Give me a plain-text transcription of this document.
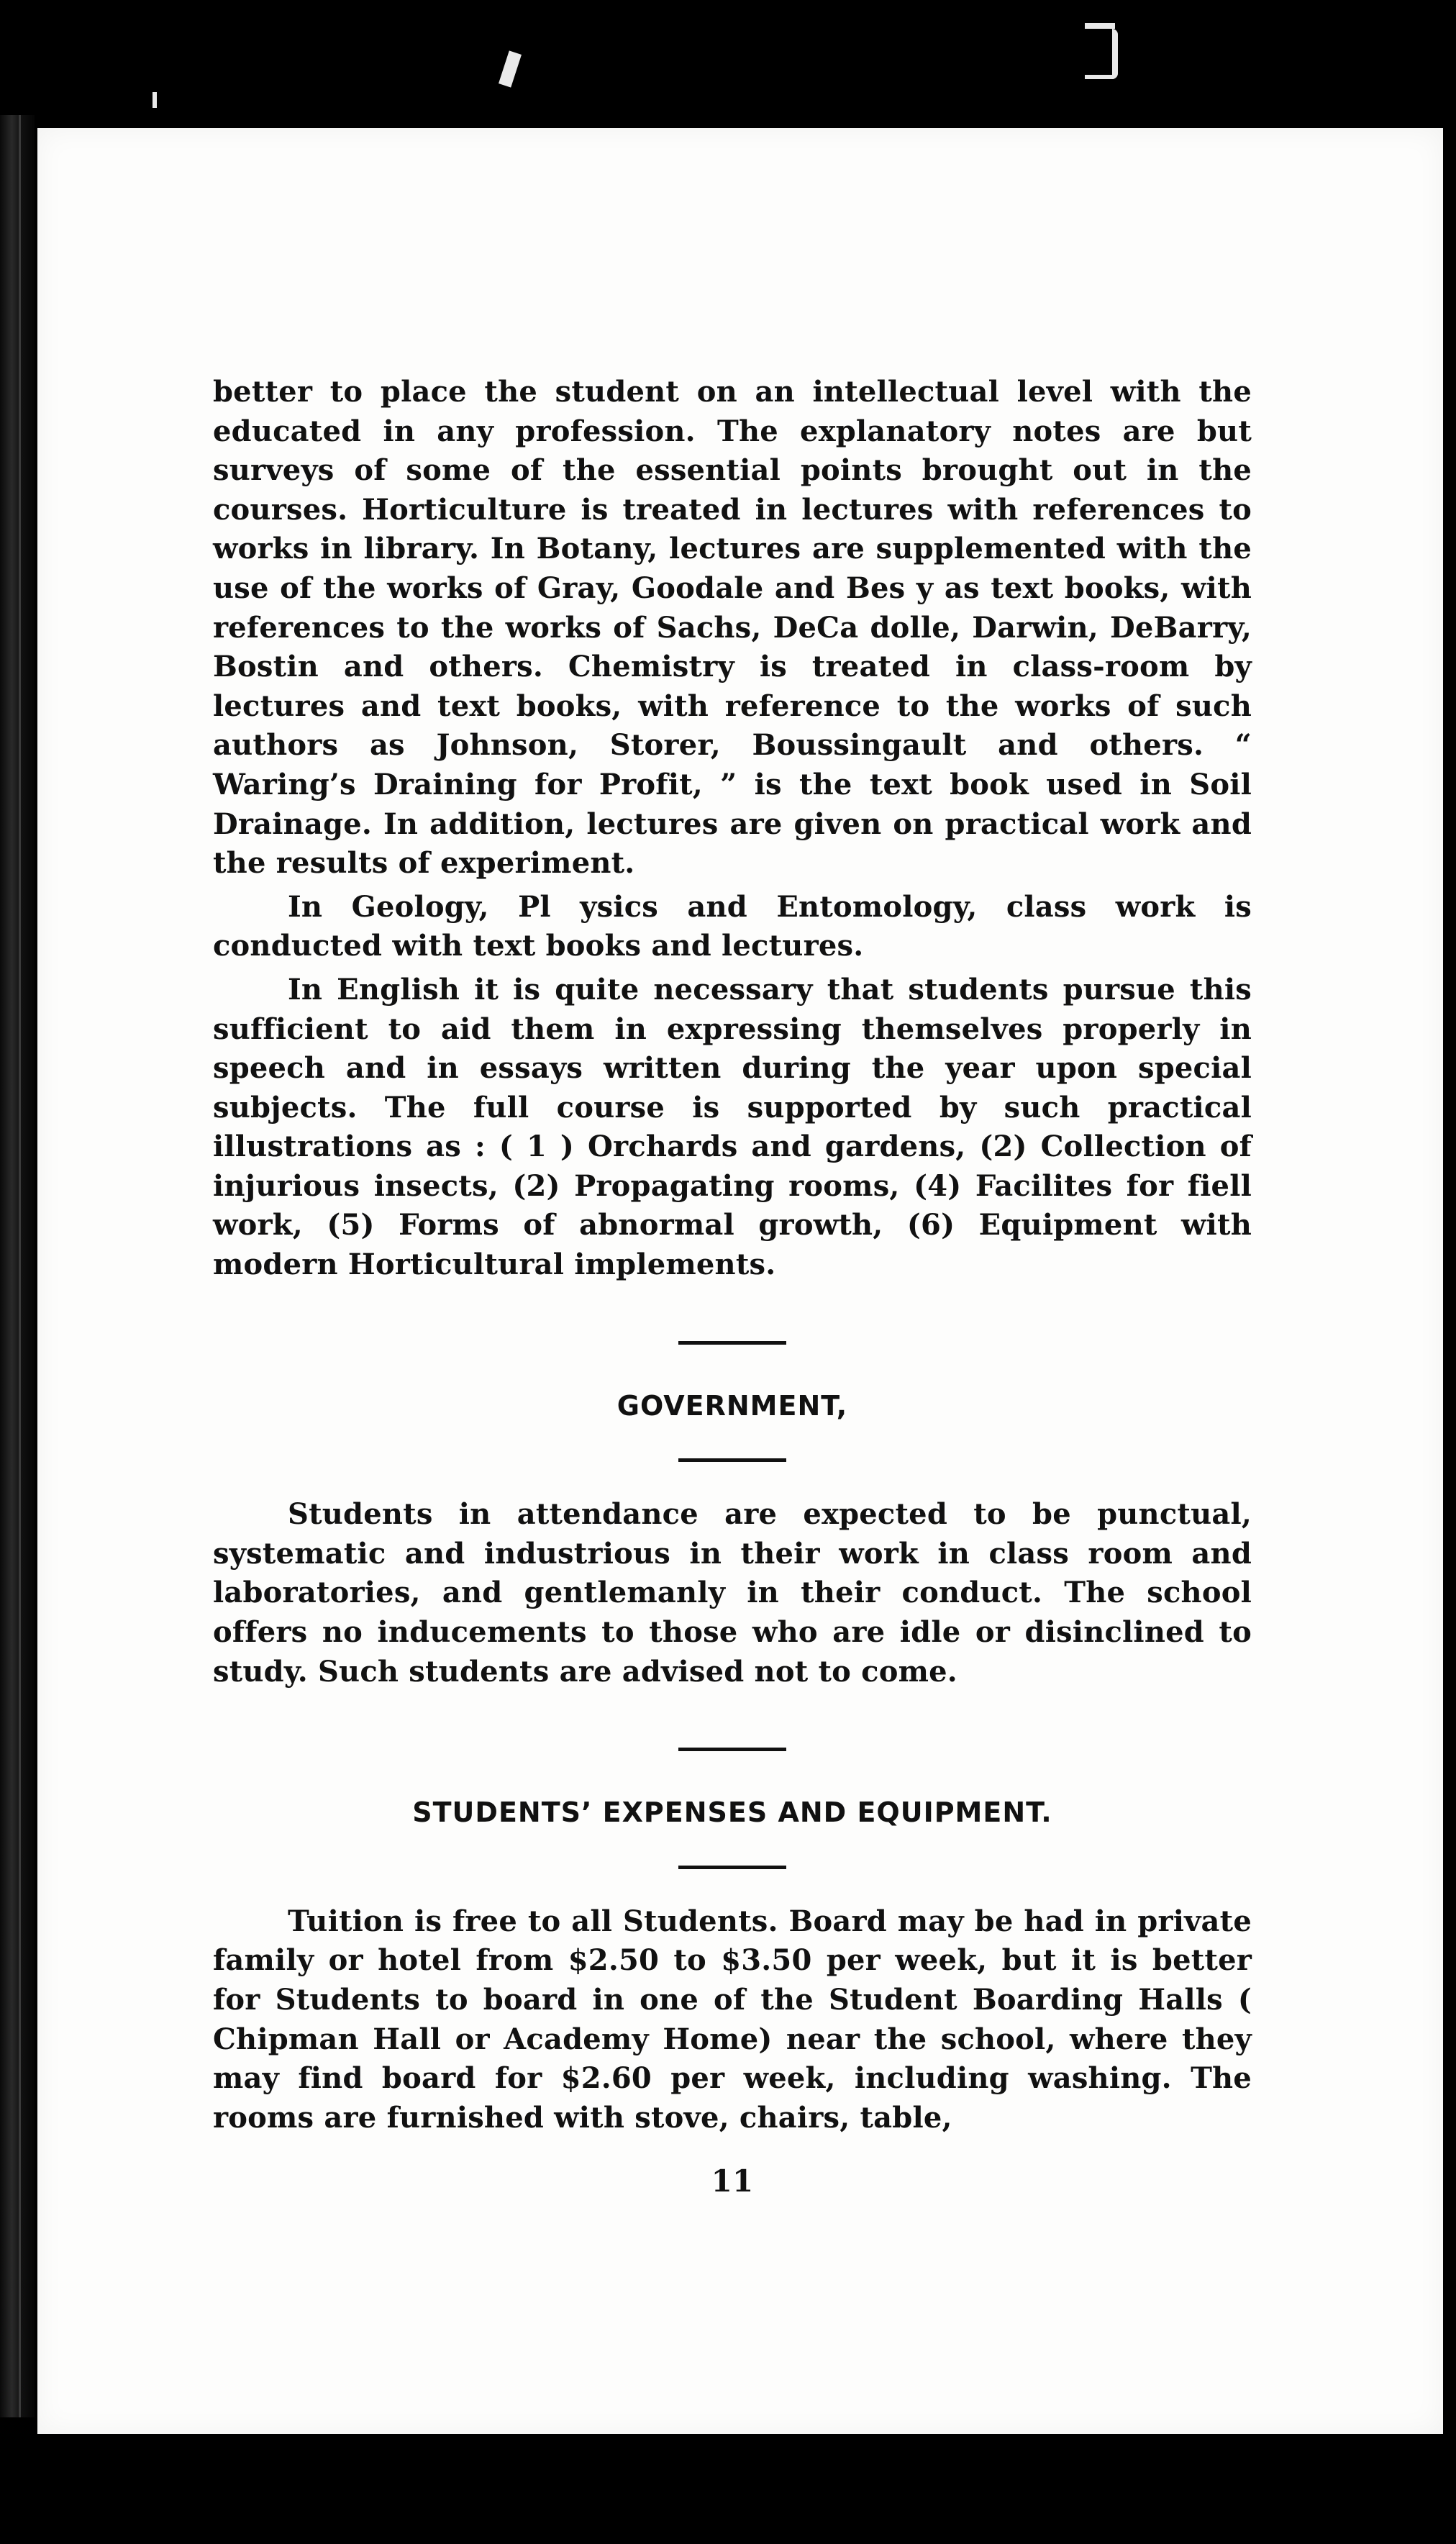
better to place the student on an intellectual level with the educated in any profession. The explanatory notes are but surveys of some of the essential points brought out in the courses. Horticulture is treated in lectures with references to works in library. In Botany, lectures are supplemented with the use of the works of Gray, Goodale and Bes y as text books, with references to the works of Sachs, DeCa dolle, Darwin, DeBarry, Bostin and others. Chemistry is treated in class-room by lectures and text books, with reference to the works of such authors as Johnson, Storer, Boussingault and others. “ Waring’s Draining for Profit, ” is the text book used in Soil Drainage. In addition, lectures are given on practical work and the results of experiment.

In Geology, Pl ysics and Entomology, class work is conducted with text books and lectures.

In English it is quite necessary that students pursue this sufficient to aid them in expressing themselves properly in speech and in essays written during the year upon special subjects. The full course is supported by such practical illustrations as : ( 1 ) Orchards and gardens, (2) Collection of injurious insects, (2) Propagating rooms, (4) Facilites for fiell work, (5) Forms of abnormal growth, (6) Equipment with modern Horticultural implements.

GOVERNMENT,

Students in attendance are expected to be punctual, systematic and industrious in their work in class room and laboratories, and gentlemanly in their conduct. The school offers no inducements to those who are idle or disinclined to study. Such students are advised not to come.

STUDENTS’ EXPENSES AND EQUIPMENT.

Tuition is free to all Students. Board may be had in private family or hotel from $2.50 to $3.50 per week, but it is better for Students to board in one of the Student Boarding Halls ( Chipman Hall or Academy Home) near the school, where they may find board for $2.60 per week, including washing. The rooms are furnished with stove, chairs, table,

11
